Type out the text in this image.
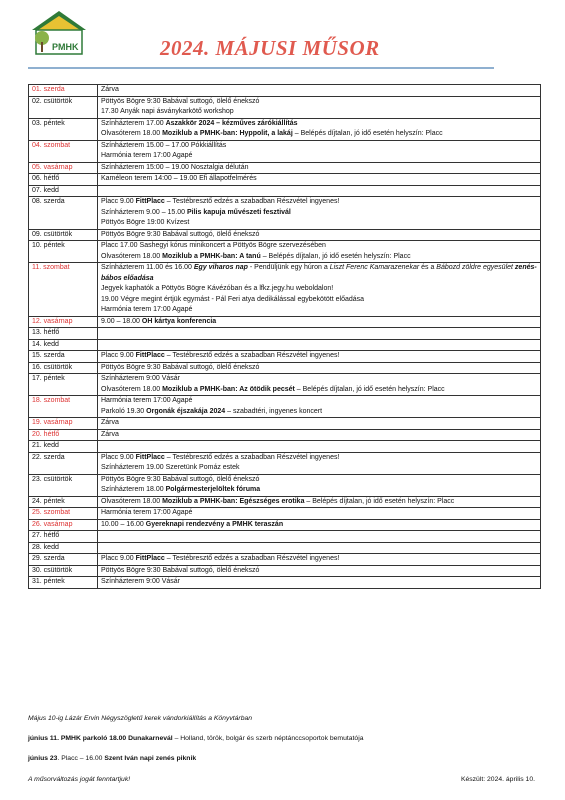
PMHK	2024. MÁJUSI MŰSOR
01. szerda	Zárva

02. csütörtök	Pöttyös Bögre 9:30 Babával suttogó, ölelő énekszó
17.30 Anyák napi ásványkarkötő workshop

03. péntek	Színházterem 17.00 Aszakkör 2024 – kézműves zárókiállítás
Olvasóterem 18.00 Moziklub a PMHK-ban: Hyppolit, a lakáj – Belépés díjtalan, jó idő esetén helyszín: Placc

04. szombat	Színházterem 15.00 – 17.00 Pókkiállítás
Harmónia terem 17:00 Agapé

05. vasárnap	Színházterem 15:00 – 19.00 Nosztalgia délután

06. hétfő	Kaméleon terem 14:00 – 19.00 Efi állapotfelmérés

07. kedd	

08. szerda	Placc 9.00 FittPlacc – Testébresztő edzés a szabadban Részvétel ingyenes!
Színházterem 9.00 – 15.00 Pilis kapuja művészeti fesztivál
Pöttyös Bögre 19:00 Kvízest

09. csütörtök	Pöttyös Bögre 9:30 Babával suttogó, ölelő énekszó

10. péntek	Placc 17.00 Sashegyi kórus minikoncert a Pöttyös Bögre szervezésében
Olvasóterem 18.00 Moziklub a PMHK-ban: A tanú – Belépés díjtalan, jó idő esetén helyszín: Placc

11. szombat	Színházterem 11.00 és 16.00 Egy viharos nap - Pendüljünk egy húron a Liszt Ferenc Kamarazenekar és a Bábozd zöldre egyesület zenés-bábos előadása
Jegyek kaphatók a Pöttyös Bögre Kávézóban és a lfkz.jegy.hu weboldalon!
19.00 Végre megint értjük egymást - Pál Feri atya dedikálással egybekötött előadása
Harmónia terem 17:00 Agapé

12. vasárnap	9.00 – 18.00 OH kártya konferencia

13. hétfő	

14. kedd	

15. szerda	Placc 9.00 FittPlacc – Testébresztő edzés a szabadban Részvétel ingyenes!

16. csütörtök	Pöttyös Bögre 9:30 Babával suttogó, ölelő énekszó

17. péntek	Színházterem 9:00 Vásár
Olvasóterem 18.00 Moziklub a PMHK-ban: Az ötödik pecsét – Belépés díjtalan, jó idő esetén helyszín: Placc

18. szombat	Harmónia terem 17:00 Agapé
Parkoló 19.30 Orgonák éjszakája 2024 – szabadtéri, ingyenes koncert

19. vasárnap	Zárva

20. hétfő	Zárva

21. kedd	

22. szerda	Placc 9.00 FittPlacc – Testébresztő edzés a szabadban Részvétel ingyenes!
Színházterem 19.00 Szeretünk Pomáz estek

23. csütörtök	Pöttyös Bögre 9:30 Babával suttogó, ölelő énekszó
Színházterem 18.00 Polgármesterjelöltek fóruma

24. péntek	Olvasóterem 18.00 Moziklub a PMHK-ban: Egészséges erotika – Belépés díjtalan, jó idő esetén helyszín: Placc

25. szombat	Harmónia terem 17:00 Agapé

26. vasárnap	10.00 – 16.00 Gyereknapi rendezvény a PMHK teraszán

27. hétfő	

28. kedd	

29. szerda	Placc 9.00 FittPlacc – Testébresztő edzés a szabadban Részvétel ingyenes!

30. csütörtök	Pöttyös Bögre 9:30 Babával suttogó, ölelő énekszó

31. péntek	Színházterem 9:00 Vásár
Május 10-ig Lázár Ervin Négyszögletű kerek vándorkiállítás a Könyvtárban
június 11. PMHK parkoló 18.00 Dunakarnevál – Holland, török, bolgár és szerb néptánccsoportok bemutatója
június 23. Placc – 16.00 Szent Iván napi zenés piknik
A műsorváltozás jogát fenntartjuk!	Készült: 2024. április 10.
